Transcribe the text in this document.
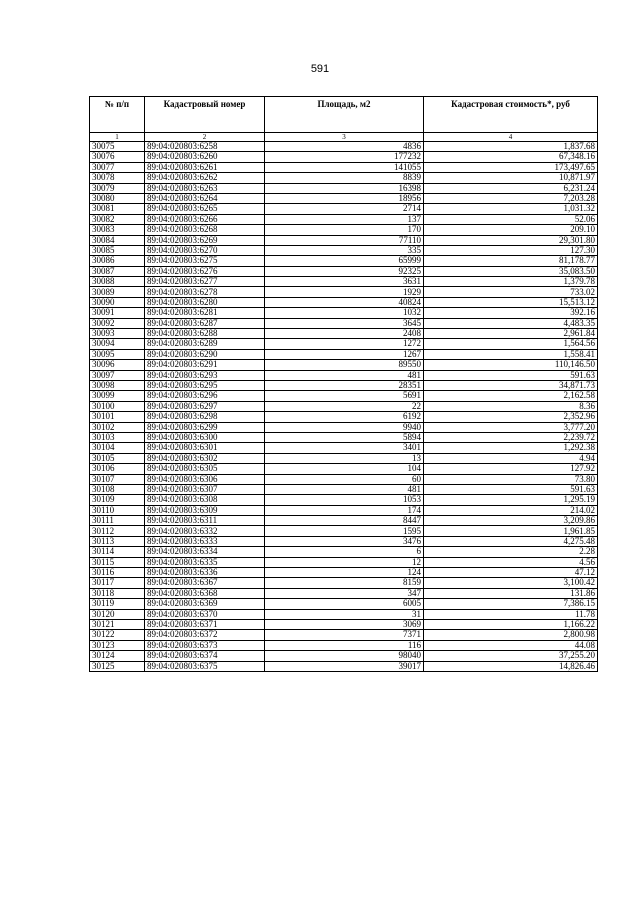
591
№ п/п	Кадастровый номер	Площадь, м2	Кадастровая стоимость*, руб
1	2	3	4
30075	89:04:020803:6258	4836	1,837.68
30076	89:04:020803:6260	177232	67,348.16
30077	89:04:020803:6261	141055	173,497.65
30078	89:04:020803:6262	8839	10,871.97
30079	89:04:020803:6263	16398	6,231.24
30080	89:04:020803:6264	18956	7,203.28
30081	89:04:020803:6265	2714	1,031.32
30082	89:04:020803:6266	137	52.06
30083	89:04:020803:6268	170	209.10
30084	89:04:020803:6269	77110	29,301.80
30085	89:04:020803:6270	335	127.30
30086	89:04:020803:6275	65999	81,178.77
30087	89:04:020803:6276	92325	35,083.50
30088	89:04:020803:6277	3631	1,379.78
30089	89:04:020803:6278	1929	733.02
30090	89:04:020803:6280	40824	15,513.12
30091	89:04:020803:6281	1032	392.16
30092	89:04:020803:6287	3645	4,483.35
30093	89:04:020803:6288	2408	2,961.84
30094	89:04:020803:6289	1272	1,564.56
30095	89:04:020803:6290	1267	1,558.41
30096	89:04:020803:6291	89550	110,146.50
30097	89:04:020803:6293	481	591.63
30098	89:04:020803:6295	28351	34,871.73
30099	89:04:020803:6296	5691	2,162.58
30100	89:04:020803:6297	22	8.36
30101	89:04:020803:6298	6192	2,352.96
30102	89:04:020803:6299	9940	3,777.20
30103	89:04:020803:6300	5894	2,239.72
30104	89:04:020803:6301	3401	1,292.38
30105	89:04:020803:6302	13	4.94
30106	89:04:020803:6305	104	127.92
30107	89:04:020803:6306	60	73.80
30108	89:04:020803:6307	481	591.63
30109	89:04:020803:6308	1053	1,295.19
30110	89:04:020803:6309	174	214.02
30111	89:04:020803:6311	8447	3,209.86
30112	89:04:020803:6332	1595	1,961.85
30113	89:04:020803:6333	3476	4,275.48
30114	89:04:020803:6334	6	2.28
30115	89:04:020803:6335	12	4.56
30116	89:04:020803:6336	124	47.12
30117	89:04:020803:6367	8159	3,100.42
30118	89:04:020803:6368	347	131.86
30119	89:04:020803:6369	6005	7,386.15
30120	89:04:020803:6370	31	11.78
30121	89:04:020803:6371	3069	1,166.22
30122	89:04:020803:6372	7371	2,800.98
30123	89:04:020803:6373	116	44.08
30124	89:04:020803:6374	98040	37,255.20
30125	89:04:020803:6375	39017	14,826.46
